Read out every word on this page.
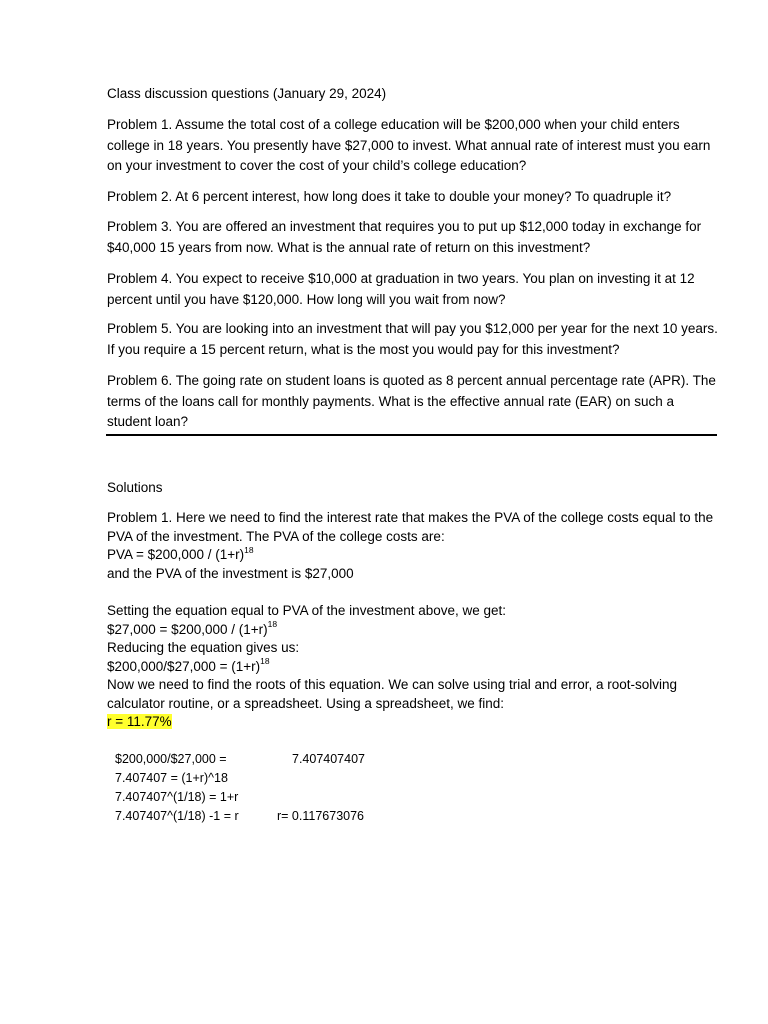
Class discussion questions (January 29, 2024)
Problem 1. Assume the total cost of a college education will be $200,000 when your child enters college in 18 years. You presently have $27,000 to invest. What annual rate of interest must you earn on your investment to cover the cost of your child’s college education?
Problem 2. At 6 percent interest, how long does it take to double your money? To quadruple it?
Problem 3. You are offered an investment that requires you to put up $12,000 today in exchange for $40,000 15 years from now. What is the annual rate of return on this investment?
Problem 4. You expect to receive $10,000 at graduation in two years. You plan on investing it at 12 percent until you have $120,000. How long will you wait from now?
Problem 5. You are looking into an investment that will pay you $12,000 per year for the next 10 years. If you require a 15 percent return, what is the most you would pay for this investment?
Problem 6. The going rate on student loans is quoted as 8 percent annual percentage rate (APR). The terms of the loans call for monthly payments. What is the effective annual rate (EAR) on such a student loan?
Solutions
Problem 1. Here we need to find the interest rate that makes the PVA of the college costs equal to the PVA of the investment. The PVA of the college costs are:
PVA = $200,000 / $(1+r)^{18}$
and the PVA of the investment is $27,000
Setting the equation equal to PVA of the investment above, we get:
$27,000 = $200,000 / $(1+r)^{18}$
Reducing the equation gives us:
$200,000/$27,000 = $(1+r)^{18}$
Now we need to find the roots of this equation. We can solve using trial and error, a root-solving calculator routine, or a spreadsheet. Using a spreadsheet, we find:
r = 11.77%
$200,000/$27,000 =	7.407407407
7.407407 = (1+r)^18
7.407407^(1/18) = 1+r
7.407407^(1/18) -1 = r	r= 0.117673076
